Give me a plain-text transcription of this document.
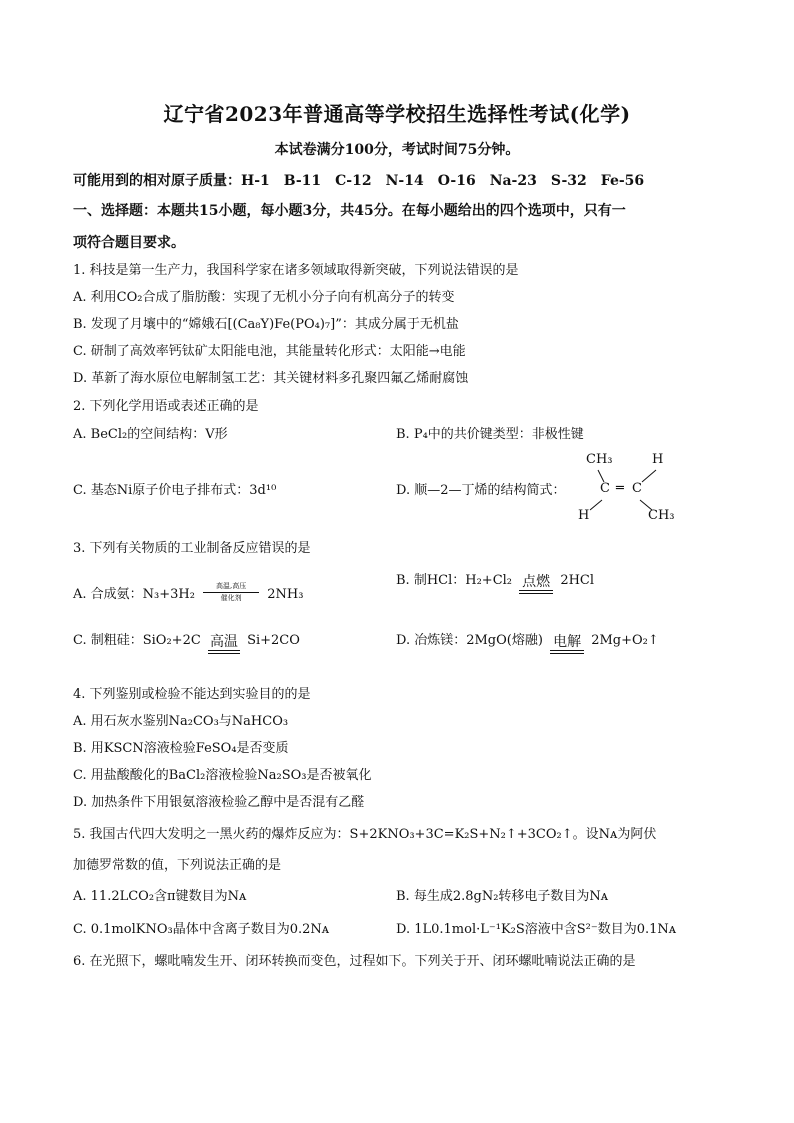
辽宁省2023年普通高等学校招生选择性考试(化学)
本试卷满分100分，考试时间75分钟。
可能用到的相对原子质量：H-1　B-11　C-12　N-14　O-16　Na-23　S-32　Fe-56
一、选择题：本题共15小题，每小题3分，共45分。在每小题给出的四个选项中，只有一
项符合题目要求。
1. 科技是第一生产力，我国科学家在诸多领域取得新突破，下列说法错误的是
A. 利用CO₂合成了脂肪酸：实现了无机小分子向有机高分子的转变
B. 发现了月壤中的“嫦娥石[(Ca₈Y)Fe(PO₄)₇]”：其成分属于无机盐
C. 研制了高效率钙钛矿太阳能电池，其能量转化形式：太阳能→电能
D. 革新了海水原位电解制氢工艺：其关键材料多孔聚四氟乙烯耐腐蚀
2. 下列化学用语或表述正确的是
A. BeCl₂的空间结构：V形	B. P₄中的共价键类型：非极性键
C. 基态Ni原子价电子排布式：3d¹⁰	D. 顺—2—丁烯的结构简式：
CH₃	H
C ═ C
H	CH₃
3. 下列有关物质的工业制备反应错误的是
A. 合成氨：N₃+3H₂
高温,高压
催化剂	2NH₃
B. 制HCl：H₂+Cl₂ 点燃 2HCl
C. 制粗硅：SiO₂+2C 高温 Si+2CO	D. 冶炼镁：2MgO(熔融) 电解 2Mg+O₂↑
4. 下列鉴别或检验不能达到实验目的的是
A. 用石灰水鉴别Na₂CO₃与NaHCO₃
B. 用KSCN溶液检验FeSO₄是否变质
C. 用盐酸酸化的BaCl₂溶液检验Na₂SO₃是否被氧化
D. 加热条件下用银氨溶液检验乙醇中是否混有乙醛
5. 我国古代四大发明之一黑火药的爆炸反应为：S+2KNO₃+3C=K₂S+N₂↑+3CO₂↑。设Nᴀ为阿伏
加德罗常数的值，下列说法正确的是
A. 11.2LCO₂含π键数目为Nᴀ	B. 每生成2.8gN₂转移电子数目为Nᴀ
C. 0.1molKNO₃晶体中含离子数目为0.2Nᴀ	D. 1L0.1mol·L⁻¹K₂S溶液中含S²⁻数目为0.1Nᴀ
6. 在光照下，螺吡喃发生开、闭环转换而变色，过程如下。下列关于开、闭环螺吡喃说法正确的是
